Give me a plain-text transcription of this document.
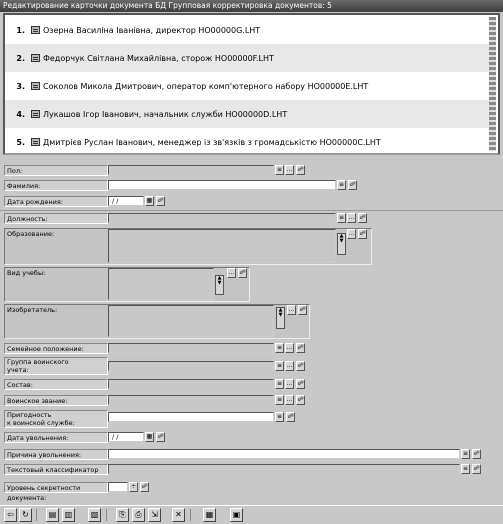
Редактирование карточки документа БД Групповая корректировка документов: 5
1.	Озерна Василіна Іванівна, директор НО00000G.LHT
2.	Федорчук Світлана Михайлівна, сторож НО00000F.LHT
3.	Соколов Микола Дмитрович, оператор комп'ютерного набору НО00000E.LHT
4.	Лукашов Ігор Іванович, начальник служби НО00000D.LHT
5.	Дмитрієв Руслан Іванович, менеджер із зв'язків з громадськістю НО00000C.LHT
Пол:	≡ ... ☍
Фамилия:	≡ ☍
Дата рождения:	/ /	▦ ☍
Должность:	≡ ... ☍
Образование:	▲
▼
... ☍
Вид учебы:
▲
▼
... ☍
Изобретатель:	▲
▼
... ☍
Семейное положение:	≡ ... ☍
Группа воинского
учета:
≡ ... ☍
Состав:	≡ ... ☍
Воинское звание:	≡ ... ☍
Пригодность
к воинской службе:
≡ ☍
Дата увольнения:	/ /	▦ ☍
Причина увольнения:	≡ ☍
Текстовый классификатор	≡ ☍
Уровень секретности документа:
÷ ☍
⇦	↻	▤	▥	▧	⎘	⎙	⇲	✕	▦	▣
